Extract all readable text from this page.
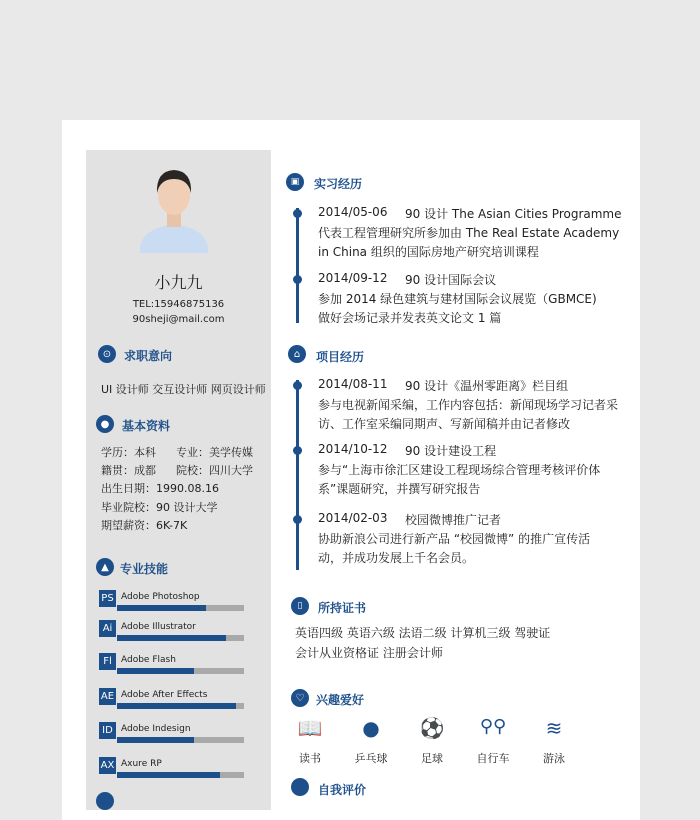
小九九
TEL:15946875136
90sheji@mail.com
⊙ 求职意向
UI 设计师 交互设计师 网页设计师
● 基本资料
学历：本科 专业：美学传媒
籍贯：成都 院校：四川大学
出生日期：1990.08.16
毕业院校：90 设计大学
期望薪资：6K-7K
▲ 专业技能
PS Adobe Photoshop
Ai Adobe Illustrator
Fl	Adobe Flash
AE Adobe After Effects
ID Adobe Indesign
AX Axure RP
▣ 实习经历
2014/05-06 90 设计 The Asian Cities Programme
代表工程管理研究所参加由 The Real Estate Academy
in China 组织的国际房地产研究培训课程
2014/09-12 90 设计国际会议
参加 2014 绿色建筑与建材国际会议展览（GBMCE)
做好会场记录并发表英文论文 1 篇
⌂ 项目经历
2014/08-11 90 设计《温州零距离》栏目组
参与电视新闻采编，工作内容包括：新闻现场学习记者采
访、工作室采编同期声、写新闻稿并由记者修改
2014/10-12 90 设计建设工程
参与“上海市徐汇区建设工程现场综合管理考核评价体
系”课题研究，并撰写研究报告
2014/02-03 校园微博推广记者
协助新浪公司进行新产品 “校园微博” 的推广宣传活
动，并成功发展上千名会员。
▯ 所持证书
英语四级 英语六级 法语二级 计算机三级 驾驶证
会计从业资格证 注册会计师
♡ 兴趣爱好
📖
读书
●
乒乓球
⚽
足球
⚲⚲
自行车
≋
游泳
自我评价
